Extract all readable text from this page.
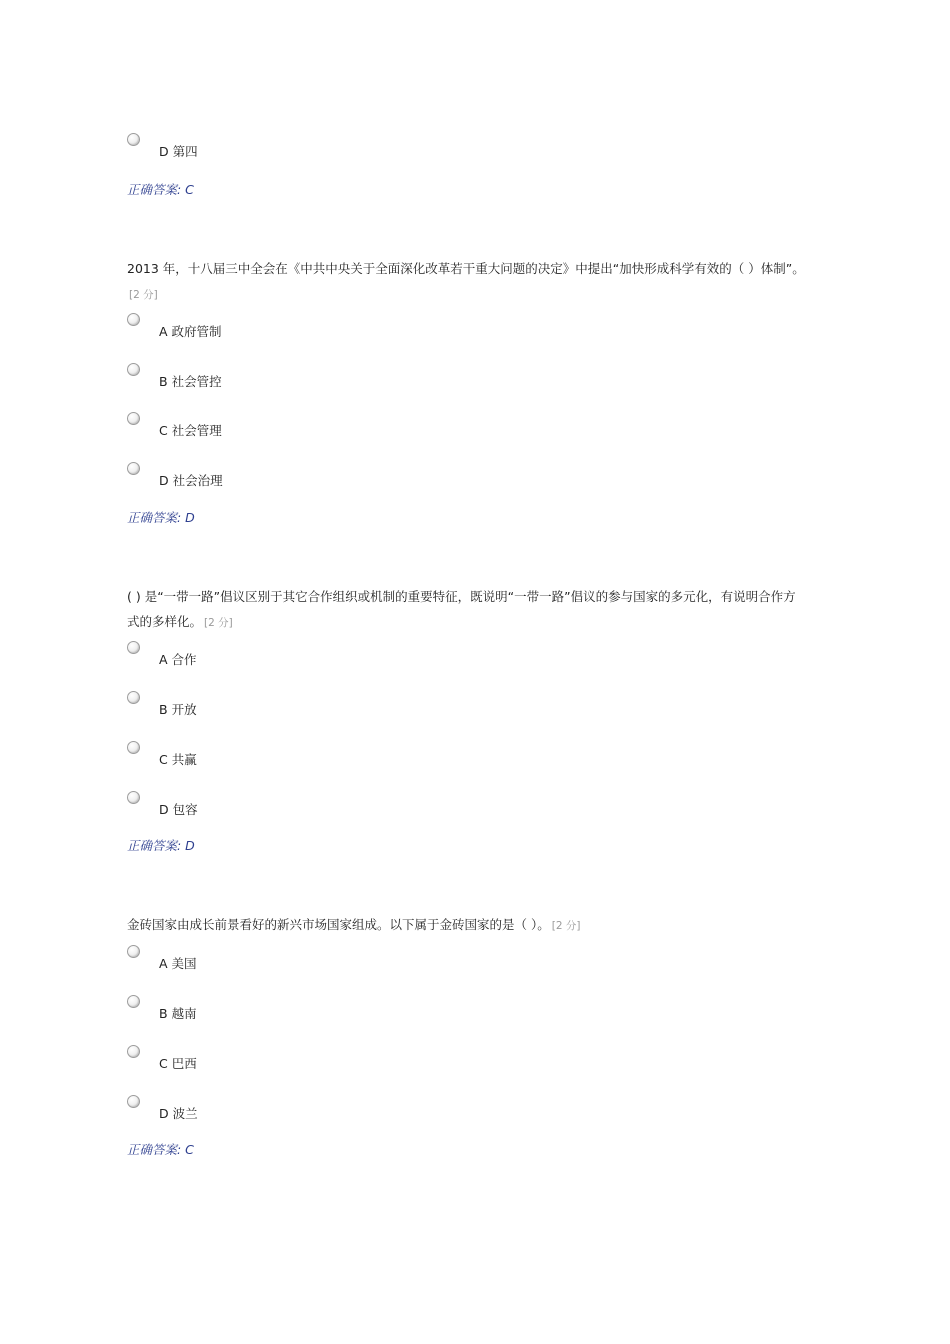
D 第四
正确答案: C
2013 年，十八届三中全会在《中共中央关于全面深化改革若干重大问题的决定》中提出“加快形成科学有效的（ ）体制”。[2 分]
A 政府管制
B 社会管控
C 社会管理
D 社会治理
正确答案: D
( ) 是“一带一路”倡议区别于其它合作组织或机制的重要特征，既说明“一带一路”倡议的参与国家的多元化，有说明合作方式的多样化。 [2 分]
A 合作
B 开放
C 共赢
D 包容
正确答案: D
金砖国家由成长前景看好的新兴市场国家组成。以下属于金砖国家的是（ ）。 [2 分]
A 美国
B 越南
C 巴西
D 波兰
正确答案: C
